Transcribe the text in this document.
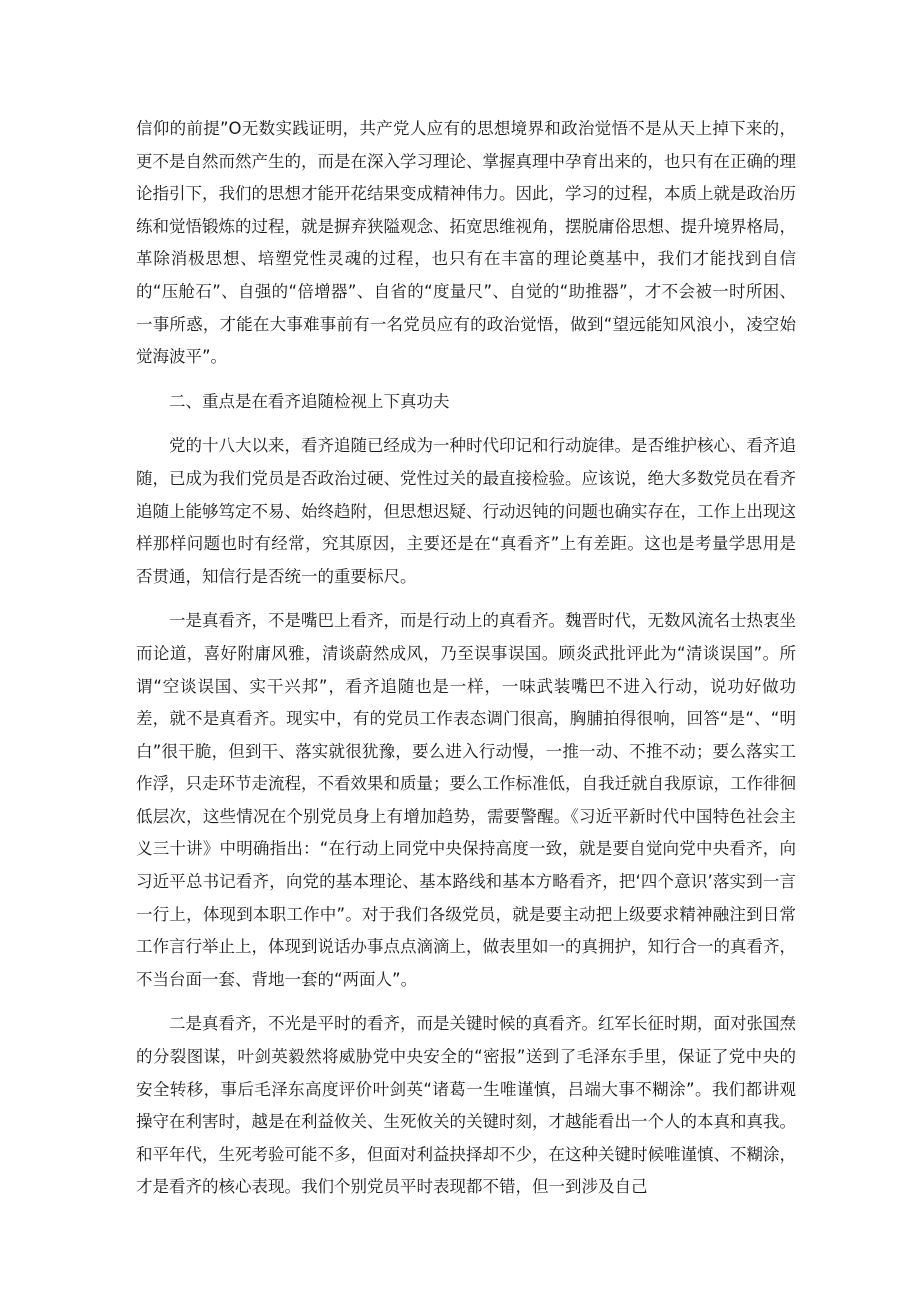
信仰的前提”O无数实践证明，共产党人应有的思想境界和政治觉悟不是从天上掉下来的，更不是自然而然产生的，而是在深入学习理论、掌握真理中孕育出来的，也只有在正确的理论指引下，我们的思想才能开花结果变成精神伟力。因此，学习的过程，本质上就是政治历练和觉悟锻炼的过程，就是摒弃狭隘观念、拓宽思维视角，摆脱庸俗思想、提升境界格局，革除消极思想、培塑党性灵魂的过程，也只有在丰富的理论奠基中，我们才能找到自信的“压舱石”、自强的“倍增器”、自省的“度量尺”、自觉的“助推器”，才不会被一时所困、一事所惑，才能在大事难事前有一名党员应有的政治觉悟，做到“望远能知风浪小，凌空始觉海波平”。

二、重点是在看齐追随检视上下真功夫

党的十八大以来，看齐追随已经成为一种时代印记和行动旋律。是否维护核心、看齐追随，已成为我们党员是否政治过硬、党性过关的最直接检验。应该说，绝大多数党员在看齐追随上能够笃定不易、始终趋附，但思想迟疑、行动迟钝的问题也确实存在，工作上出现这样那样问题也时有经常，究其原因，主要还是在“真看齐”上有差距。这也是考量学思用是否贯通，知信行是否统一的重要标尺。

一是真看齐，不是嘴巴上看齐，而是行动上的真看齐。魏晋时代，无数风流名士热衷坐而论道，喜好附庸风雅，清谈蔚然成风，乃至误事误国。顾炎武批评此为“清谈误国”。所谓“空谈误国、实干兴邦”，看齐追随也是一样，一味武装嘴巴不进入行动，说功好做功差，就不是真看齐。现实中，有的党员工作表态调门很高，胸脯拍得很响，回答“是“、“明白”很干脆，但到干、落实就很犹豫，要么进入行动慢，一推一动、不推不动；要么落实工作浮，只走环节走流程，不看效果和质量；要么工作标准低，自我迁就自我原谅，工作徘徊低层次，这些情况在个别党员身上有增加趋势，需要警醒。《习近平新时代中国特色社会主义三十讲》中明确指出：“在行动上同党中央保持高度一致，就是要自觉向党中央看齐，向习近平总书记看齐，向党的基本理论、基本路线和基本方略看齐，把‘四个意识’落实到一言一行上，体现到本职工作中”。对于我们各级党员，就是要主动把上级要求精神融注到日常工作言行举止上，体现到说话办事点点滴滴上，做表里如一的真拥护，知行合一的真看齐，不当台面一套、背地一套的“两面人”。

二是真看齐，不光是平时的看齐，而是关键时候的真看齐。红军长征时期，面对张国焘的分裂图谋，叶剑英毅然将威胁党中央安全的“密报”送到了毛泽东手里，保证了党中央的安全转移，事后毛泽东高度评价叶剑英“诸葛一生唯谨慎，吕端大事不糊涂”。我们都讲观操守在利害时，越是在利益攸关、生死攸关的关键时刻，才越能看出一个人的本真和真我。和平年代，生死考验可能不多，但面对利益抉择却不少，在这种关键时候唯谨慎、不糊涂，才是看齐的核心表现。我们个别党员平时表现都不错，但一到涉及自己
